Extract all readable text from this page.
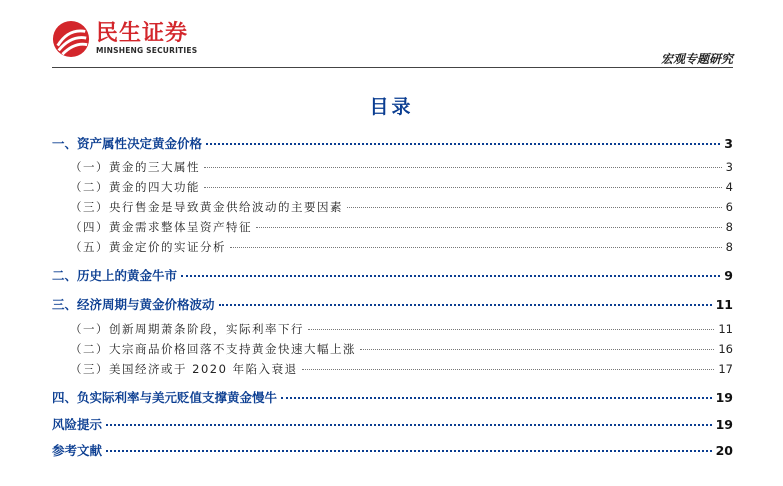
民生证券
MINSHENG SECURITIES
宏观专题研究
目录
一、资产属性决定黄金价格	3
（一）黄金的三大属性	3
（二）黄金的四大功能	4
（三）央行售金是导致黄金供给波动的主要因素	6
（四）黄金需求整体呈资产特征	8
（五）黄金定价的实证分析	8
二、历史上的黄金牛市	9
三、经济周期与黄金价格波动	11
（一）创新周期萧条阶段，实际利率下行	11
（二）大宗商品价格回落不支持黄金快速大幅上涨	16
（三）美国经济或于 2020 年陷入衰退	17
四、负实际利率与美元贬值支撑黄金慢牛	19
风险提示	19
参考文献	20
